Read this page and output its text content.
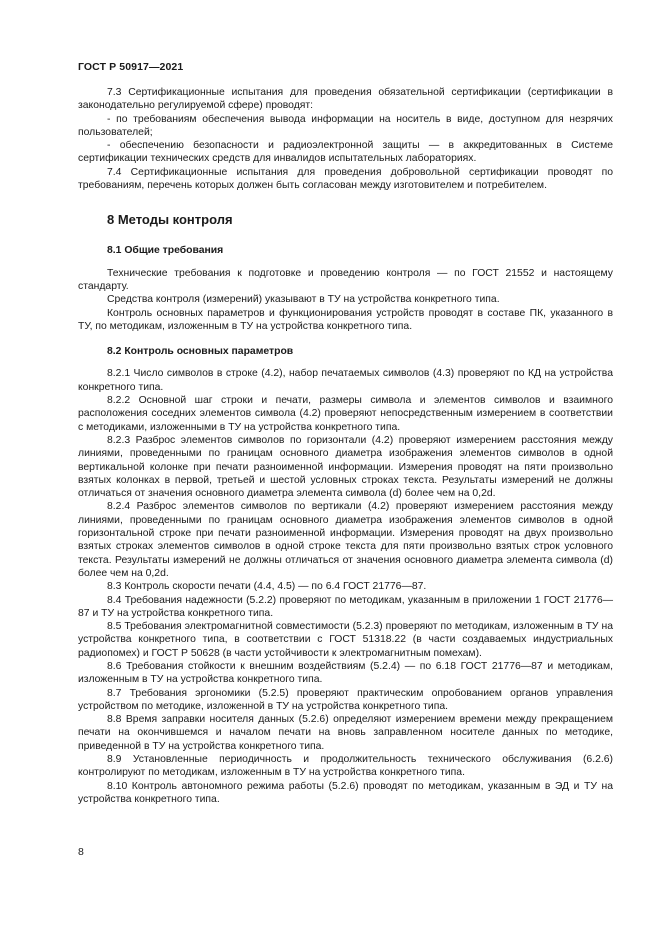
ГОСТ Р 50917—2021

7.3 Сертификационные испытания для проведения обязательной сертификации (сертификации в законодательно регулируемой сфере) проводят:

- по требованиям обеспечения вывода информации на носитель в виде, доступном для незрячих пользователей;

- обеспечению безопасности и радиоэлектронной защиты — в аккредитованных в Системе сертификации технических средств для инвалидов испытательных лабораториях.

7.4 Сертификационные испытания для проведения добровольной сертификации проводят по требованиям, перечень которых должен быть согласован между изготовителем и потребителем.

8 Методы контроля
8.1 Общие требования

Технические требования к подготовке и проведению контроля — по ГОСТ 21552 и настоящему стандарту.

Средства контроля (измерений) указывают в ТУ на устройства конкретного типа.

Контроль основных параметров и функционирования устройств проводят в составе ПК, указанного в ТУ, по методикам, изложенным в ТУ на устройства конкретного типа.

8.2 Контроль основных параметров

8.2.1 Число символов в строке (4.2), набор печатаемых символов (4.3) проверяют по КД на устройства конкретного типа.

8.2.2 Основной шаг строки и печати, размеры символа и элементов символов и взаимного расположения соседних элементов символа (4.2) проверяют непосредственным измерением в соответствии с методиками, изложенными в ТУ на устройства конкретного типа.

8.2.3 Разброс элементов символов по горизонтали (4.2) проверяют измерением расстояния между линиями, проведенными по границам основного диаметра изображения элементов символов в одной вертикальной колонке при печати разноименной информации. Измерения проводят на пяти произвольно взятых колонках в первой, третьей и шестой условных строках текста. Результаты измерений не должны отличаться от значения основного диаметра элемента символа (d) более чем на 0,2d.

8.2.4 Разброс элементов символов по вертикали (4.2) проверяют измерением расстояния между линиями, проведенными по границам основного диаметра изображения элементов символов в одной горизонтальной строке при печати разноименной информации. Измерения проводят на двух произвольно взятых строках элементов символов в одной строке текста для пяти произвольно взятых строк условного текста. Результаты измерений не должны отличаться от значения основного диаметра элемента символа (d) более чем на 0,2d.

8.3 Контроль скорости печати (4.4, 4.5) — по 6.4 ГОСТ 21776—87.

8.4 Требования надежности (5.2.2) проверяют по методикам, указанным в приложении 1 ГОСТ 21776—87 и ТУ на устройства конкретного типа.

8.5 Требования электромагнитной совместимости (5.2.3) проверяют по методикам, изложенным в ТУ на устройства конкретного типа, в соответствии с ГОСТ 51318.22 (в части создаваемых индустриальных радиопомех) и ГОСТ Р 50628 (в части устойчивости к электромагнитным помехам).

8.6 Требования стойкости к внешним воздействиям (5.2.4) — по 6.18 ГОСТ 21776—87 и методикам, изложенным в ТУ на устройства конкретного типа.

8.7 Требования эргономики (5.2.5) проверяют практическим опробованием органов управления устройством по методике, изложенной в ТУ на устройства конкретного типа.

8.8 Время заправки носителя данных (5.2.6) определяют измерением времени между прекращением печати на окончившемся и началом печати на вновь заправленном носителе данных по методике, приведенной в ТУ на устройства конкретного типа.

8.9 Установленные периодичность и продолжительность технического обслуживания (6.2.6) контролируют по методикам, изложенным в ТУ на устройства конкретного типа.

8.10 Контроль автономного режима работы (5.2.6) проводят по методикам, указанным в ЭД и ТУ на устройства конкретного типа.

8
